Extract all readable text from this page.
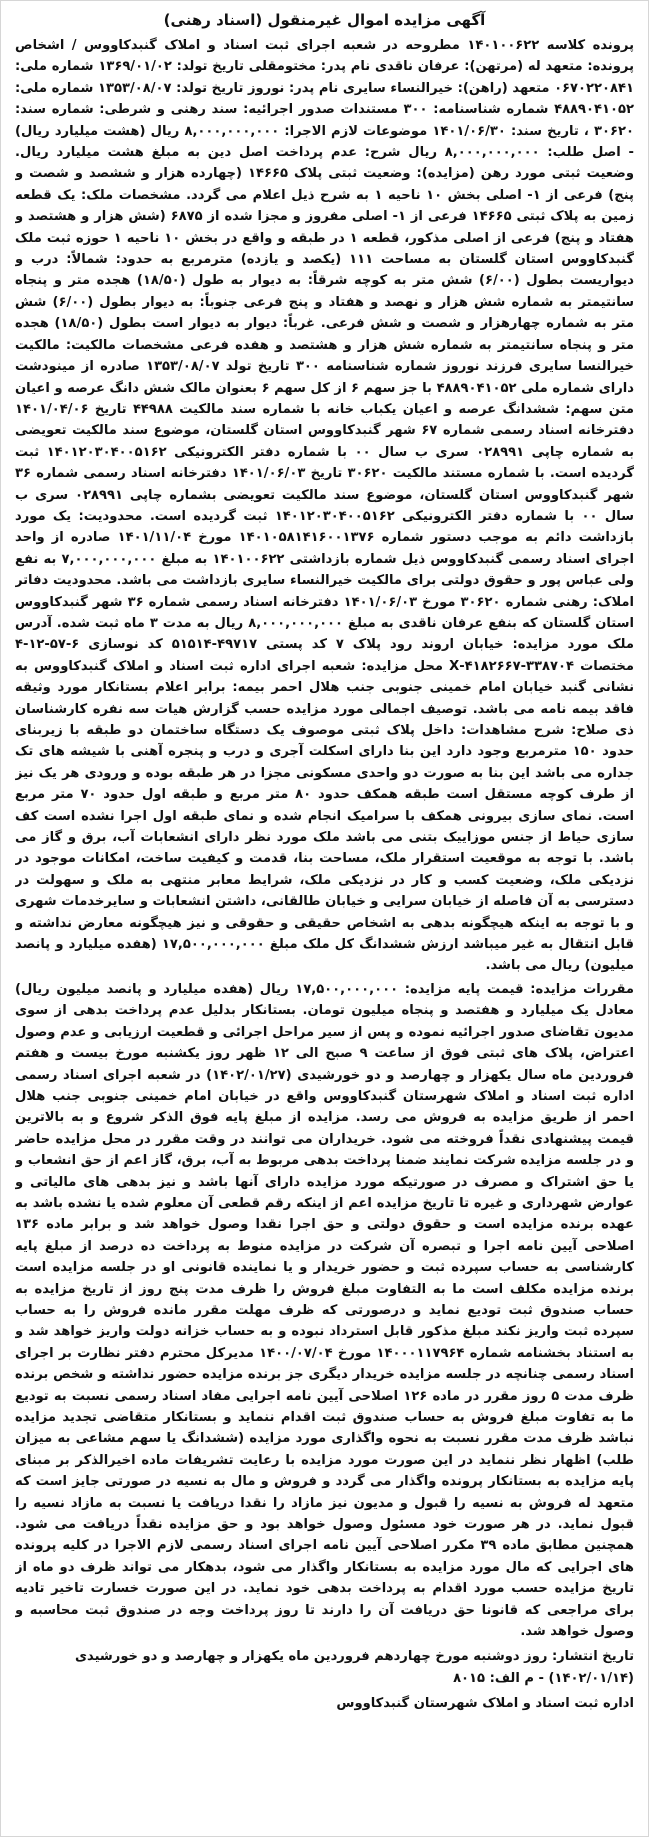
آگهی مزایده اموال غیرمنقول (اسناد رهنی)

پرونده کلاسه ۱۴۰۱۰۰۶۲۲ مطروحه در شعبه اجرای ثبت اسناد و املاک گنبدکاووس / اشخاص پرونده: متعهد له (مرتهن): عرفان ناقدی نام پدر: مختومقلی تاریخ تولد: ۱۳۶۹/۰۱/۰۲ شماره ملی: ۰۶۷۰۲۲۰۸۴۱ متعهد (راهن): خیرالنساء سایری نام پدر: نوروز تاریخ تولد: ۱۳۵۳/۰۸/۰۷ شماره ملی: ۴۸۸۹۰۴۱۰۵۲ شماره شناسنامه: ۳۰۰ مستندات صدور اجرائیه: سند رهنی و شرطی: شماره سند: ۳۰۶۲۰ ، تاریخ سند: ۱۴۰۱/۰۶/۳۰ موضوعات لازم الاجرا: ۸,۰۰۰,۰۰۰,۰۰۰ ریال (هشت میلیارد ریال) - اصل طلب: ۸,۰۰۰,۰۰۰,۰۰۰ ریال شرح: عدم پرداخت اصل دین به مبلغ هشت میلیارد ریال. وضعیت ثبتی مورد رهن (مزایده): وضعیت ثبتی پلاک ۱۴۶۶۵ (چهارده هزار و ششصد و شصت و پنج) فرعی از ۱- اصلی بخش ۱۰ ناحیه ۱ به شرح ذیل اعلام می گردد. مشخصات ملک: یک قطعه زمین به پلاک ثبتی ۱۴۶۶۵ فرعی از ۱- اصلی مفروز و مجزا شده از ۶۸۷۵ (شش هزار و هشتصد و هفتاد و پنج) فرعی از اصلی مذکور، قطعه ۱ در طبقه و واقع در بخش ۱۰ ناحیه ۱ حوزه ثبت ملک گنبدکاووس استان گلستان به مساحت ۱۱۱ (یکصد و یازده) مترمربع به حدود: شمالاً: درب و دیواریست بطول (۶/۰۰) شش متر به کوچه شرقاً: به دیوار به طول (۱۸/۵۰) هجده متر و پنجاه سانتیمتر به شماره شش هزار و نهصد و هفتاد و پنج فرعی جنوباً: به دیوار بطول (۶/۰۰) شش متر به شماره چهارهزار و شصت و شش فرعی. غرباً: دیوار به دیوار است بطول (۱۸/۵۰) هجده متر و پنجاه سانتیمتر به شماره شش هزار و هشتصد و هفده فرعی مشخصات مالکیت: مالکیت خیرالنسا سایری فرزند نوروز شماره شناسنامه ۳۰۰ تاریخ تولد ۱۳۵۳/۰۸/۰۷ صادره از مینودشت دارای شماره ملی ۴۸۸۹۰۴۱۰۵۲ با جز سهم ۶ از کل سهم ۶ بعنوان مالک شش دانگ عرصه و اعیان متن سهم: ششدانگ عرصه و اعیان یکباب خانه با شماره سند مالکیت ۴۴۹۸۸ تاریخ ۱۴۰۱/۰۴/۰۶ دفترخانه اسناد رسمی شماره ۶۷ شهر گنبدکاووس استان گلستان، موضوع سند مالکیت تعویضی به شماره چاپی ۰۲۸۹۹۱ سری ب سال ۰۰ با شماره دفتر الکترونیکی ۱۴۰۱۲۰۳۰۴۰۰۵۱۶۲ ثبت گردیده است. با شماره مستند مالکیت ۳۰۶۲۰ تاریخ ۱۴۰۱/۰۶/۰۳ دفترخانه اسناد رسمی شماره ۳۶ شهر گنبدکاووس استان گلستان، موضوع سند مالکیت تعویضی بشماره چاپی ۰۲۸۹۹۱ سری ب سال ۰۰ با شماره دفتر الکترونیکی ۱۴۰۱۲۰۳۰۴۰۰۵۱۶۲ ثبت گردیده است. محدودیت: یک مورد بازداشت دائم به موجب دستور شماره ۱۴۰۱۰۵۸۱۴۱۶۰۰۱۳۷۶ مورخ ۱۴۰۱/۱۱/۰۴ صادره از واحد اجرای اسناد رسمی گنبدکاووس ذیل شماره بازداشتی ۱۴۰۱۰۰۶۲۲ به مبلغ ۷,۰۰۰,۰۰۰,۰۰۰ به نفع ولی عباس پور و حقوق دولتی برای مالکیت خیرالنساء سایری بازداشت می باشد. محدودیت دفاتر املاک: رهنی شماره ۳۰۶۲۰ مورخ ۱۴۰۱/۰۶/۰۳ دفترخانه اسناد رسمی شماره ۳۶ شهر گنبدکاووس استان گلستان که بنفع عرفان ناقدی به مبلغ ۸,۰۰۰,۰۰۰,۰۰۰ ریال به مدت ۳ ماه ثبت شده. آدرس ملک مورد مزایده: خیابان اروند رود پلاک ۷ کد پستی ۴۹۷۱۷-۵۱۵۱۴ کد نوسازی ۶-۵۷-۱۲-۴ مختصات ۳۳۸۷۰۴-۴۱۸۲۶۶۷-X محل مزایده: شعبه اجرای اداره ثبت اسناد و املاک گنبدکاووس به نشانی گنبد خیابان امام خمینی جنوبی جنب هلال احمر بیمه: برابر اعلام بستانکار مورد وثیقه فاقد بیمه نامه می باشد. توصیف اجمالی مورد مزایده حسب گزارش هیات سه نفره کارشناسان ذی صلاح: شرح مشاهدات: داخل پلاک ثبتی موصوف یک دستگاه ساختمان دو طبقه با زیربنای حدود ۱۵۰ مترمربع وجود دارد این بنا دارای اسکلت آجری و درب و پنجره آهنی با شیشه های تک جداره می باشد این بنا به صورت دو واحدی مسکونی مجزا در هر طبقه بوده و ورودی هر یک نیز از طرف کوچه مستقل است طبقه همکف حدود ۸۰ متر مربع و طبقه اول حدود ۷۰ متر مربع است. نمای سازی بیرونی همکف با سرامیک انجام شده و نمای طبقه اول اجرا نشده است کف سازی حیاط از جنس موزاییک بتنی می باشد ملک مورد نظر دارای انشعابات آب، برق و گاز می باشد. با توجه به موقعیت استقرار ملک، مساحت بنا، قدمت و کیفیت ساخت، امکانات موجود در نزدیکی ملک، وضعیت کسب و کار در نزدیکی ملک، شرایط معابر منتهی به ملک و سهولت در دسترسی به آن فاصله از خیابان سرایی و خیابان طالقانی، داشتن انشعابات و سایرخدمات شهری و با توجه به اینکه هیچگونه بدهی به اشخاص حقیقی و حقوقی و نیز هیچگونه معارض نداشته و قابل انتقال به غیر میباشد ارزش ششدانگ کل ملک مبلغ ۱۷,۵۰۰,۰۰۰,۰۰۰ (هفده میلیارد و پانصد میلیون) ریال می باشد.

مقررات مزایده: قیمت پایه مزایده: ۱۷,۵۰۰,۰۰۰,۰۰۰ ریال (هفده میلیارد و پانصد میلیون ریال) معادل یک میلیارد و هفتصد و پنجاه میلیون تومان. بستانکار بدلیل عدم پرداخت بدهی از سوی مدیون تقاضای صدور اجرائیه نموده و پس از سیر مراحل اجرائی و قطعیت ارزیابی و عدم وصول اعتراض، پلاک های ثبتی فوق از ساعت ۹ صبح الی ۱۲ ظهر روز یکشنبه مورخ بیست و هفتم فروردین ماه سال یکهزار و چهارصد و دو خورشیدی (۱۴۰۲/۰۱/۲۷) در شعبه اجرای اسناد رسمی اداره ثبت اسناد و املاک شهرستان گنبدکاووس واقع در خیابان امام خمینی جنوبی جنب هلال احمر از طریق مزایده به فروش می رسد. مزایده از مبلغ پایه فوق الذکر شروع و به بالاترین قیمت پیشنهادی نقداً فروخته می شود. خریداران می توانند در وقت مقرر در محل مزایده حاضر و در جلسه مزایده شرکت نمایند ضمنا پرداخت بدهی مربوط به آب، برق، گاز اعم از حق انشعاب و یا حق اشتراک و مصرف در صورتیکه مورد مزایده دارای آنها باشد و نیز بدهی های مالیاتی و عوارض شهرداری و غیره تا تاریخ مزایده اعم از اینکه رقم قطعی آن معلوم شده یا نشده باشد به عهده برنده مزایده است و حقوق دولتی و حق اجرا نقدا وصول خواهد شد و برابر ماده ۱۳۶ اصلاحی آیین نامه اجرا و تبصره آن شرکت در مزایده منوط به پرداخت ده درصد از مبلغ پایه کارشناسی به حساب سپرده ثبت و حضور خریدار و یا نماینده قانونی او در جلسه مزایده است برنده مزایده مکلف است ما به التفاوت مبلغ فروش را ظرف مدت پنج روز از تاریخ مزایده به حساب صندوق ثبت تودیع نماید و درصورتی که ظرف مهلت مقرر مانده فروش را به حساب سپرده ثبت واریز نکند مبلغ مذکور قابل استرداد نبوده و به حساب خزانه دولت واریز خواهد شد و به استناد بخشنامه شماره ۱۴۰۰۰۱۱۷۹۶۴ مورخ ۱۴۰۰/۰۷/۰۴ مدیرکل محترم دفتر نظارت بر اجرای اسناد رسمی چنانچه در جلسه مزایده خریدار دیگری جز برنده مزایده حضور نداشته و شخص برنده ظرف مدت ۵ روز مقرر در ماده ۱۲۶ اصلاحی آیین نامه اجرایی مفاد اسناد رسمی نسبت به تودیع ما به تفاوت مبلغ فروش به حساب صندوق ثبت اقدام ننماید و بستانکار متقاضی تجدید مزایده نباشد ظرف مدت مقرر نسبت به نحوه واگذاری مورد مزایده (ششدانگ یا سهم مشاعی به میزان طلب) اظهار نظر ننماید در این صورت مورد مزایده با رعایت تشریفات ماده اخیرالذکر بر مبنای پایه مزایده به بستانکار پرونده واگذار می گردد و فروش و مال به نسیه در صورتی جایز است که متعهد له فروش به نسیه را قبول و مدیون نیز مازاد را نقدا دریافت یا نسبت به مازاد نسیه را قبول نماید. در هر صورت خود مسئول وصول خواهد بود و حق مزایده نقداً دریافت می شود. همچنین مطابق ماده ۳۹ مکرر اصلاحی آیین نامه اجرای اسناد رسمی لازم الاجرا در کلیه پرونده های اجرایی که مال مورد مزایده به بستانکار واگذار می شود، بدهکار می تواند ظرف دو ماه از تاریخ مزایده حسب مورد اقدام به پرداخت بدهی خود نماید. در این صورت خسارت تاخیر تادیه برای مراجعی که قانونا حق دریافت آن را دارند تا روز پرداخت وجه در صندوق ثبت محاسبه و وصول خواهد شد.

تاریخ انتشار: روز دوشنبه مورخ چهاردهم فروردین ماه یکهزار و چهارصد و دو خورشیدی (۱۴۰۲/۰۱/۱۴) - م الف: ۸۰۱۵
اداره ثبت اسناد و املاک شهرستان گنبدکاووس
